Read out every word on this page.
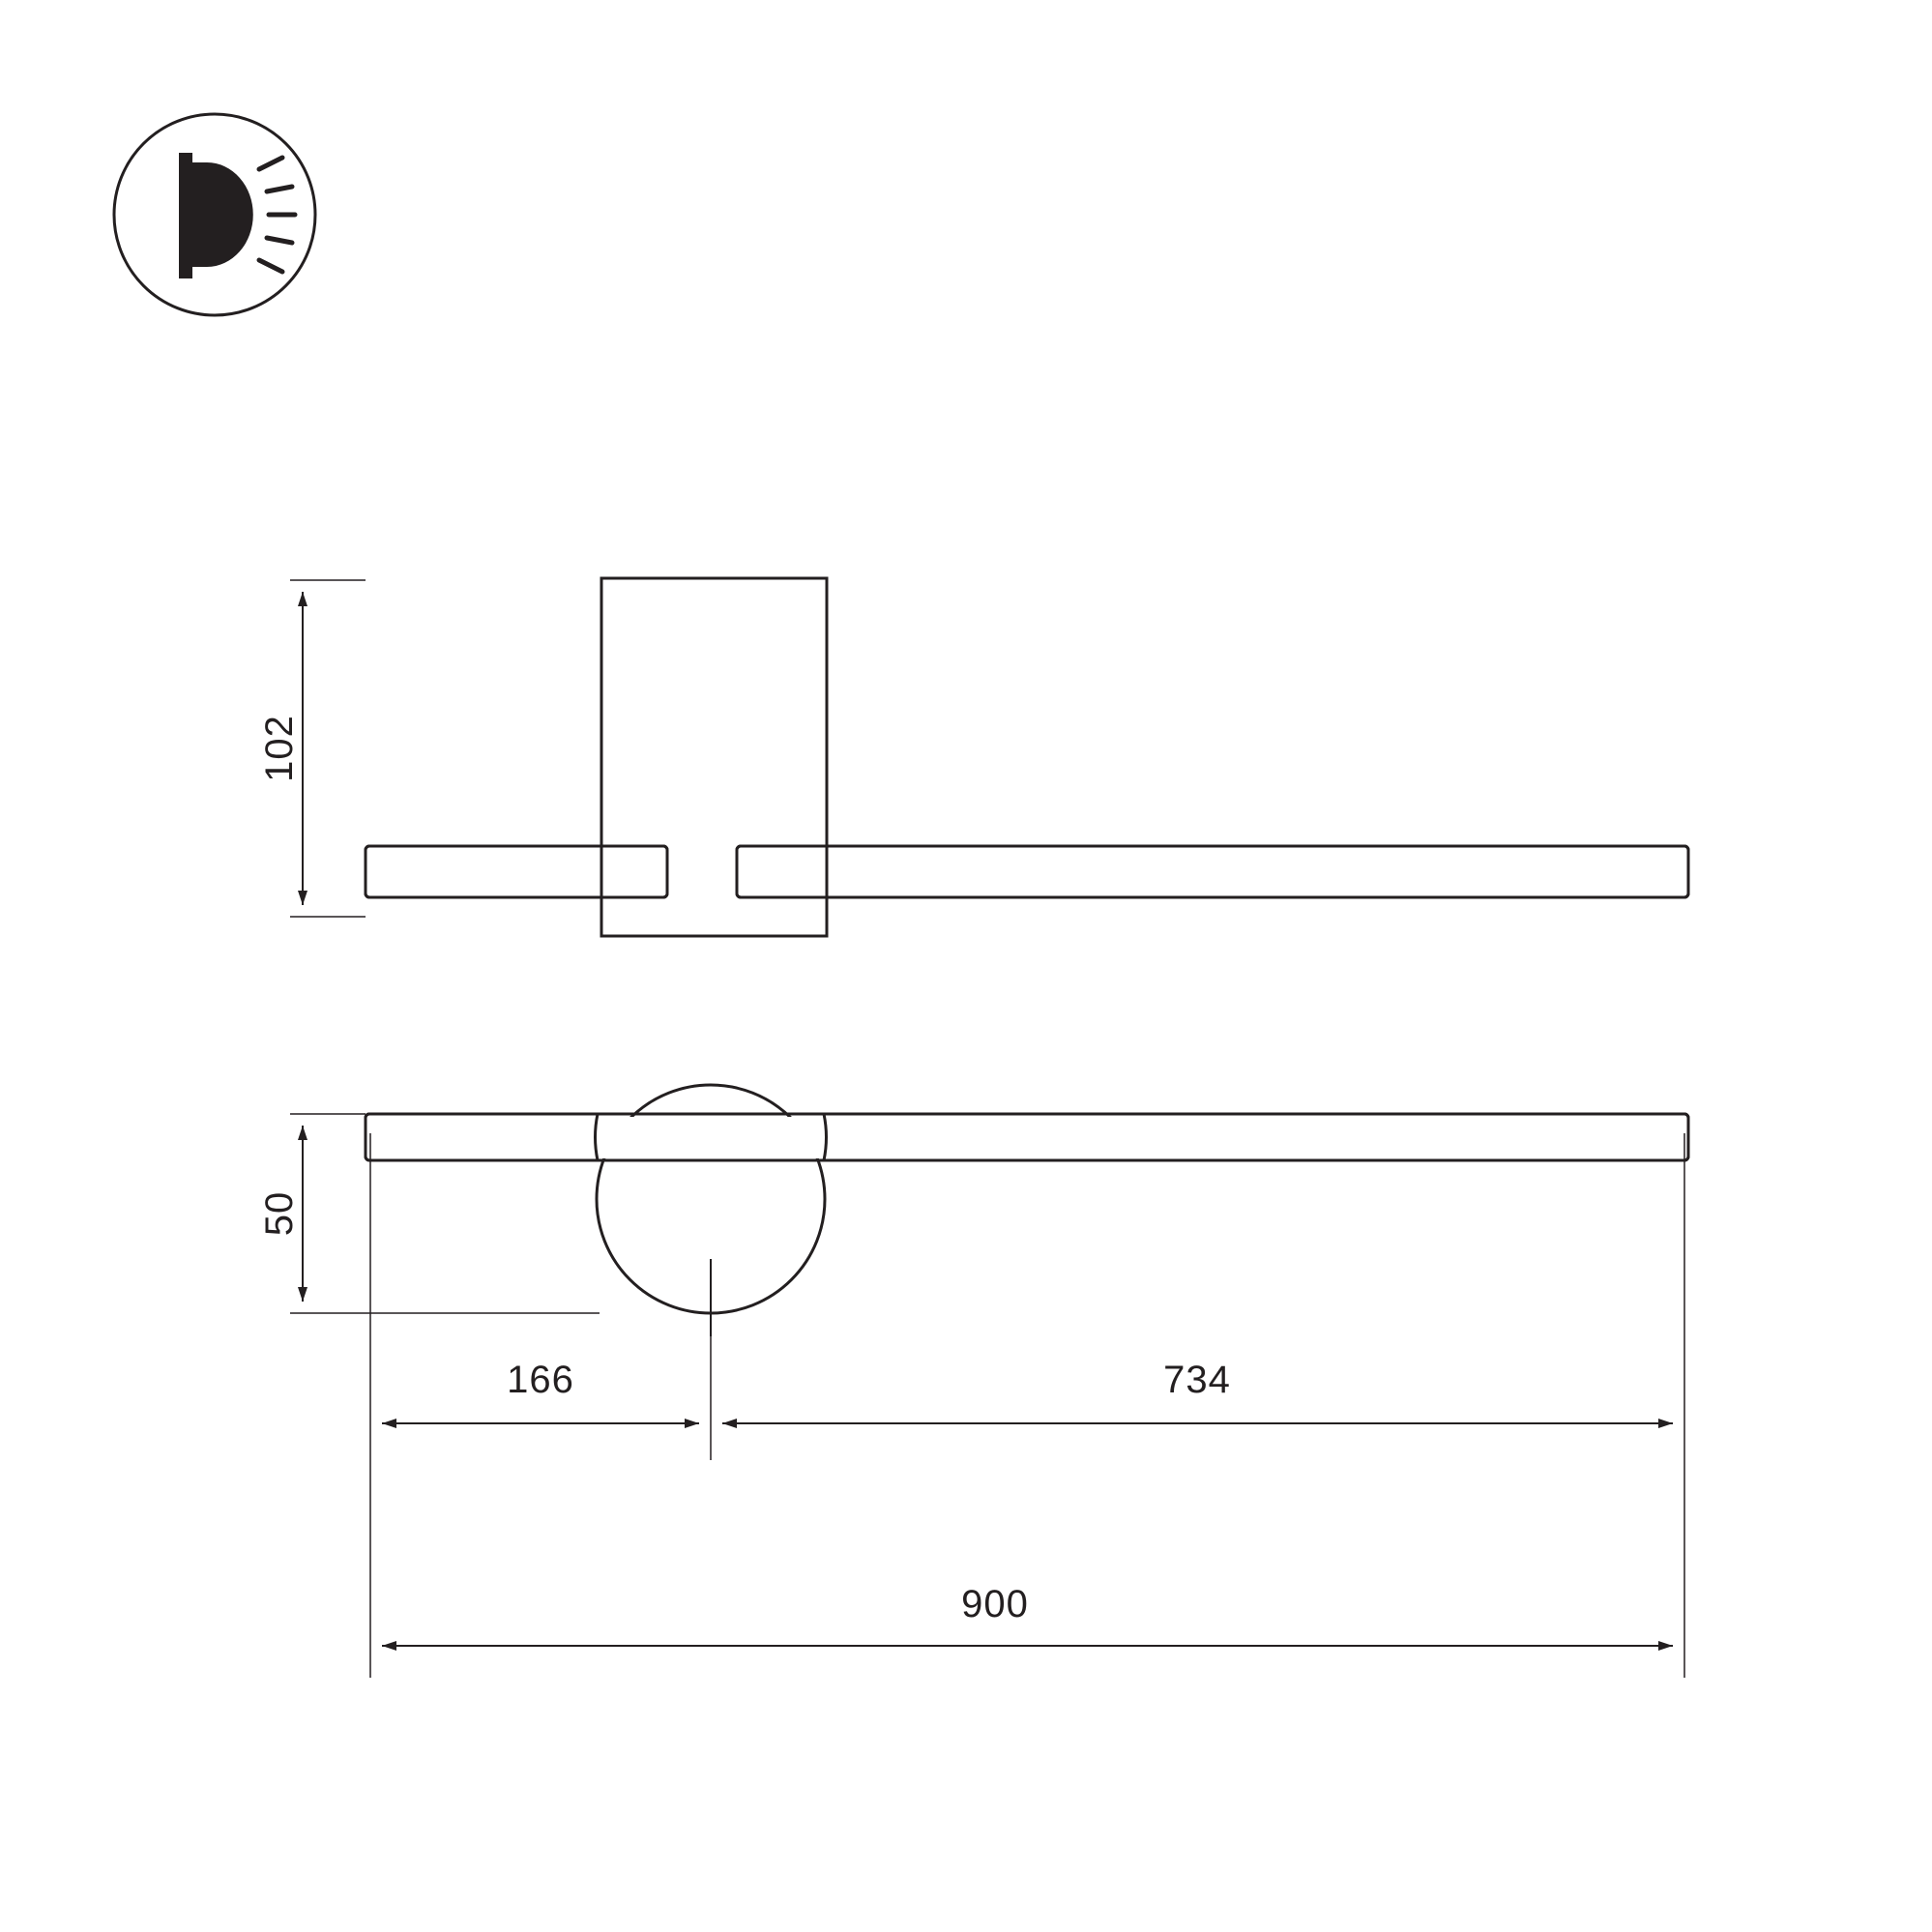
102
50
166	734
900
